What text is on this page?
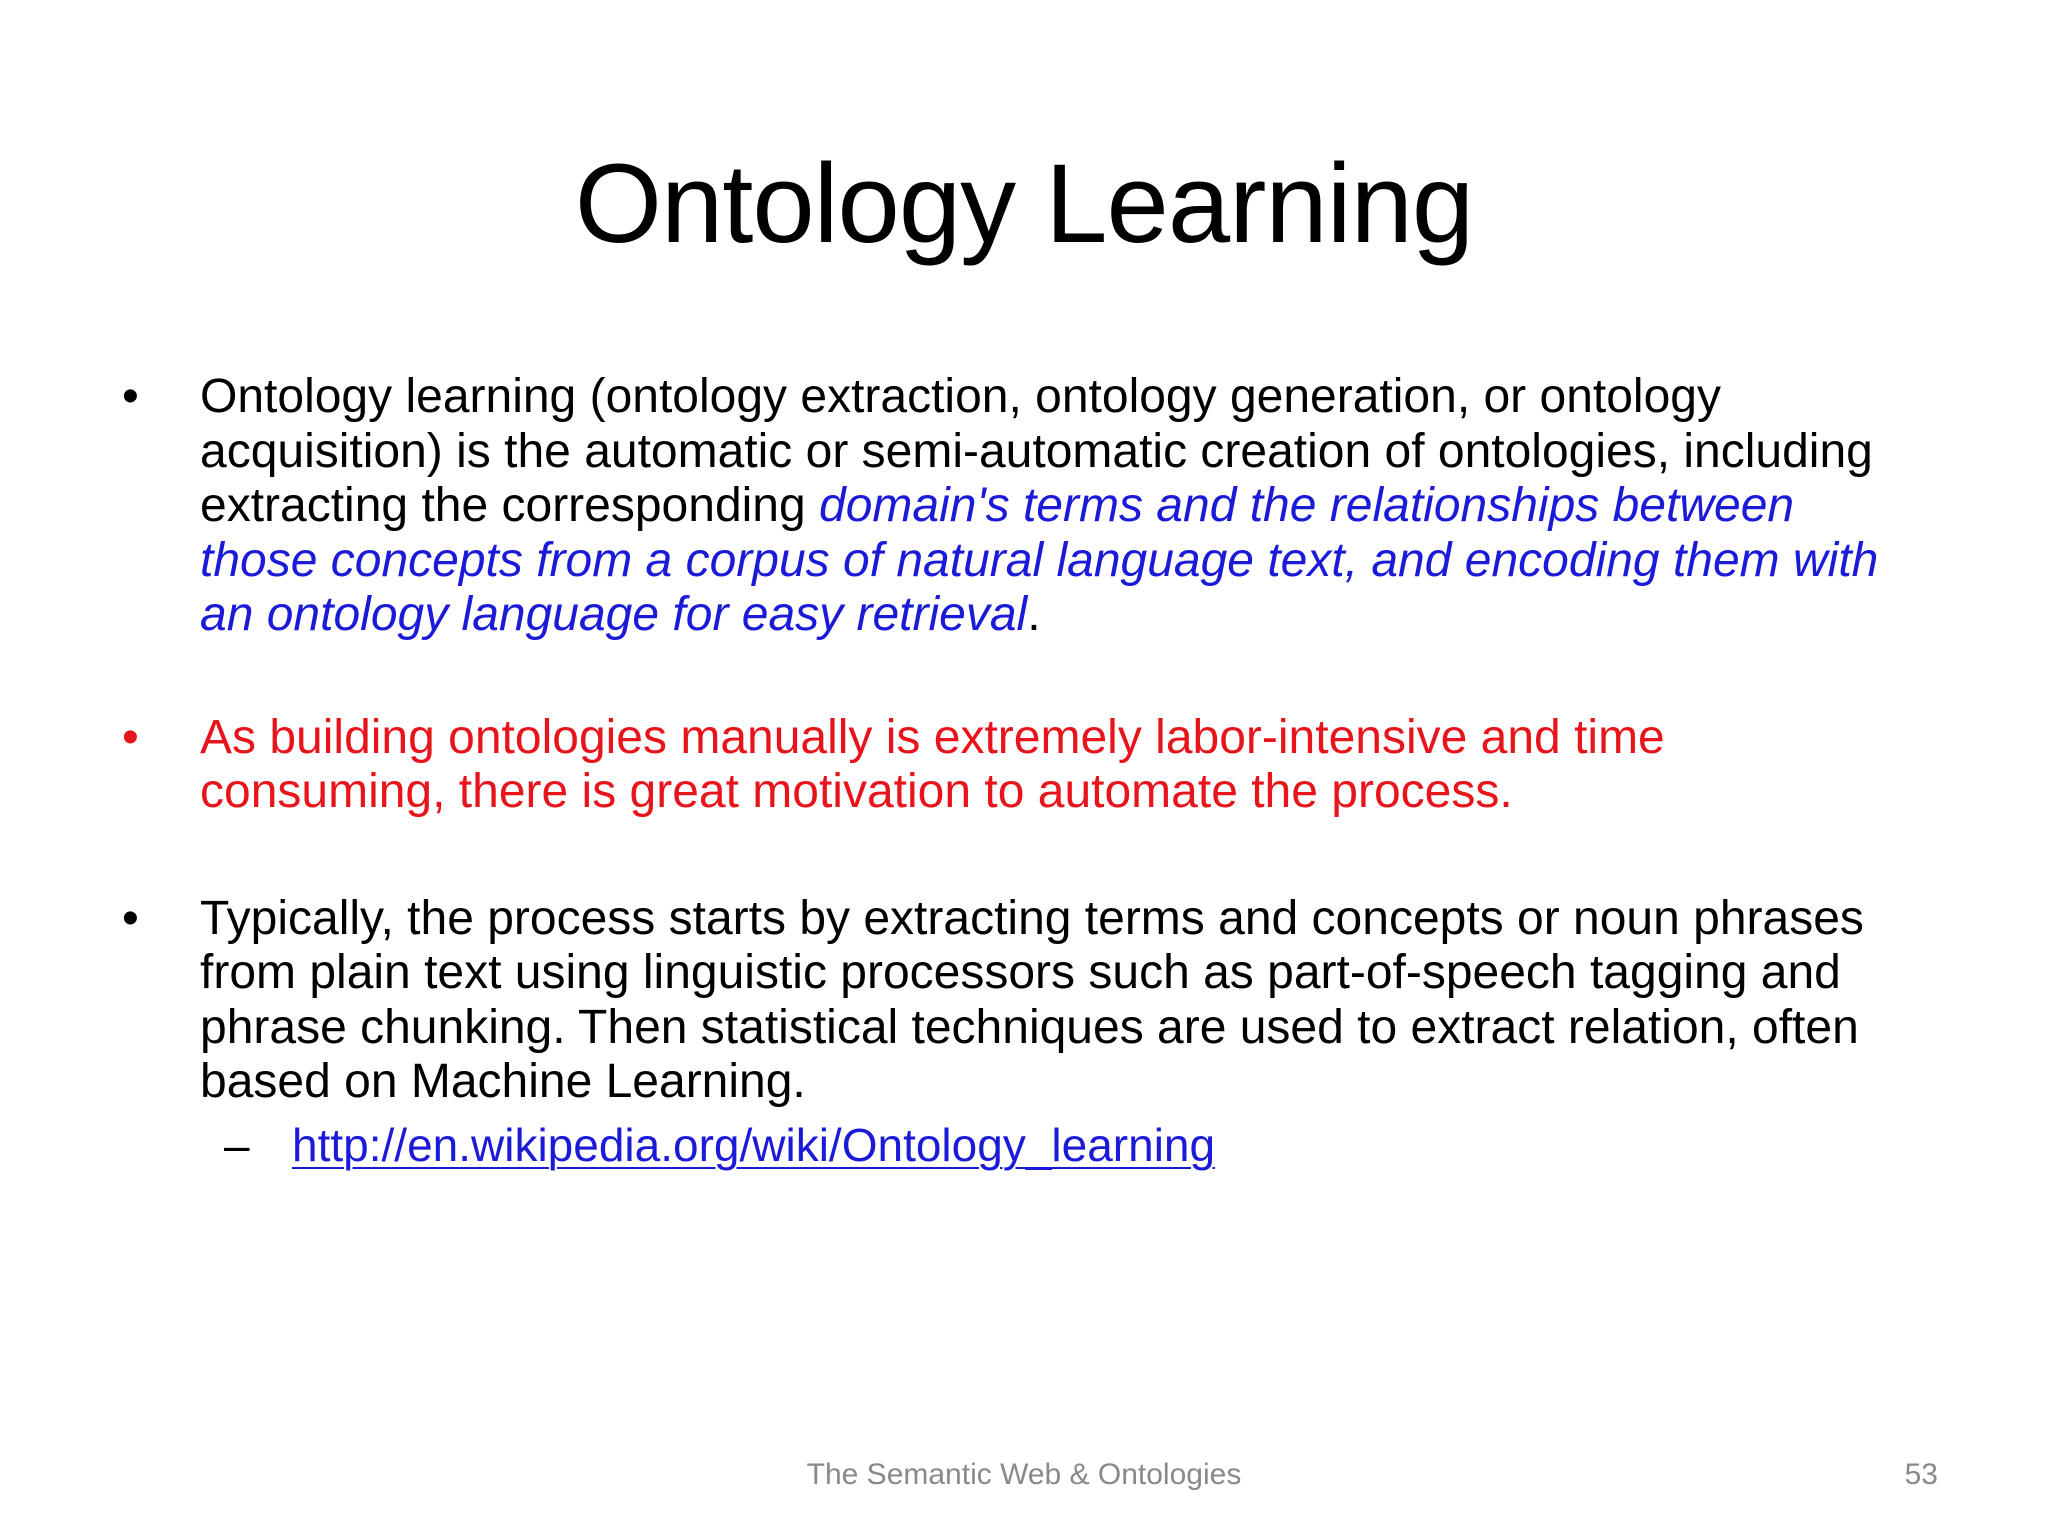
Ontology Learning

• Ontology learning (ontology extraction, ontology generation, or ontology acquisition) is the automatic or semi-automatic creation of ontologies, including extracting the corresponding domain's terms and the relationships between those concepts from a corpus of natural language text, and encoding them with an ontology language for easy retrieval.

• As building ontologies manually is extremely labor-intensive and time consuming, there is great motivation to automate the process.

• Typically, the process starts by extracting terms and concepts or noun phrases from plain text using linguistic processors such as part-of-speech tagging and phrase chunking. Then statistical techniques are used to extract relation, often based on Machine Learning.

– http://en.wikipedia.org/wiki/Ontology_learning
The Semantic Web & Ontologies	53
